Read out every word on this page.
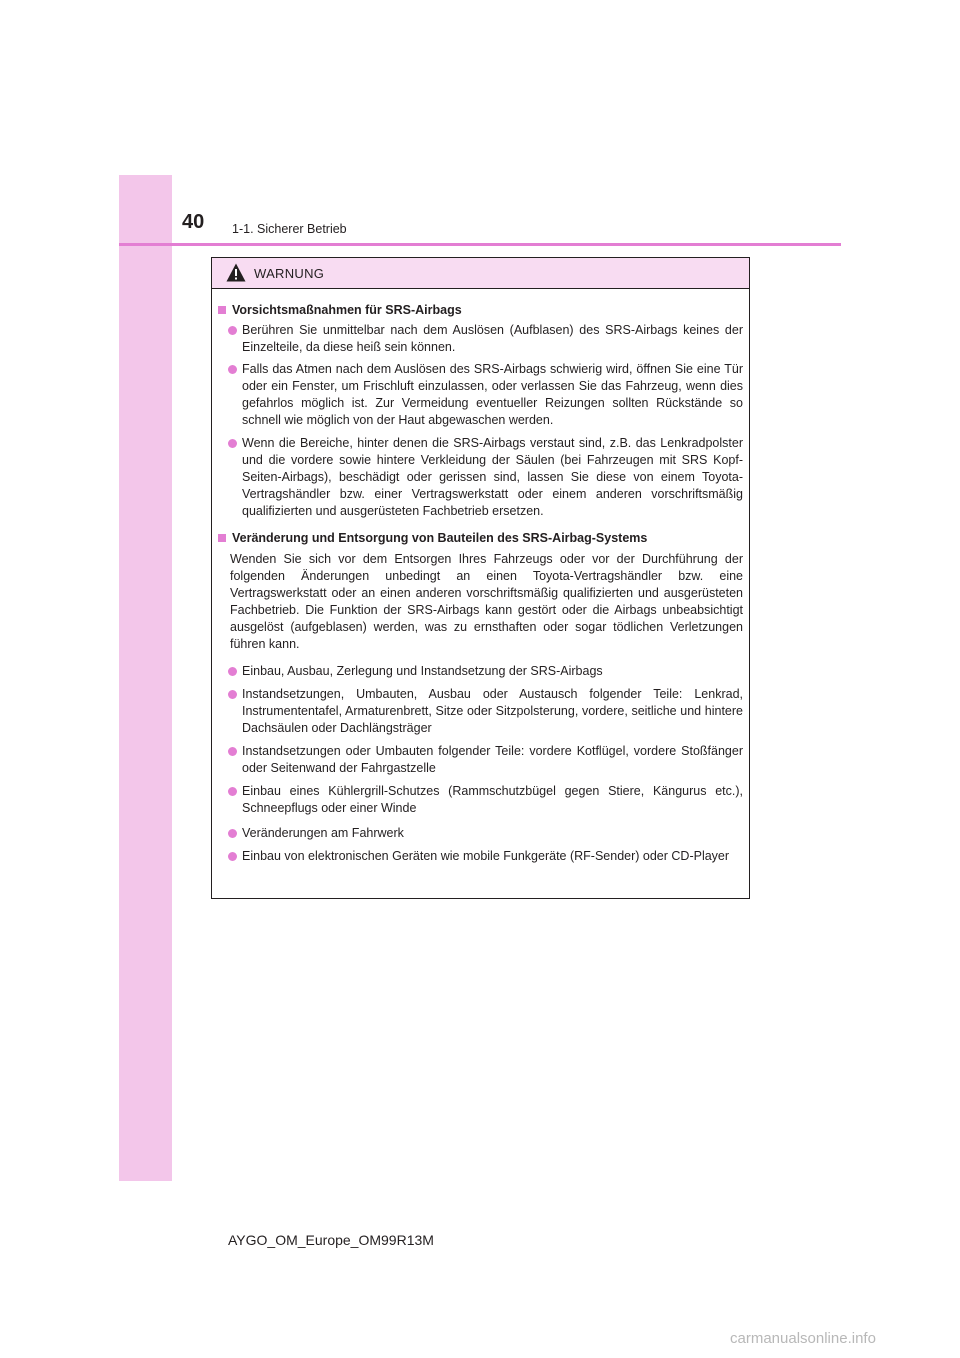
40 1-1. Sicherer Betrieb
WARNUNG
Vorsichtsmaßnahmen für SRS-Airbags
Berühren Sie unmittelbar nach dem Auslösen (Aufblasen) des SRS-Airbags keines der Einzelteile, da diese heiß sein können.
Falls das Atmen nach dem Auslösen des SRS-Airbags schwierig wird, öffnen Sie eine Tür oder ein Fenster, um Frischluft einzulassen, oder verlassen Sie das Fahrzeug, wenn dies gefahrlos möglich ist. Zur Vermeidung eventueller Reizungen sollten Rückstände so schnell wie möglich von der Haut abgewaschen werden.
Wenn die Bereiche, hinter denen die SRS-Airbags verstaut sind, z.B. das Lenkradpolster und die vordere sowie hintere Verkleidung der Säulen (bei Fahrzeugen mit SRS Kopf-Seiten-Airbags), beschädigt oder gerissen sind, lassen Sie diese von einem Toyota-Vertragshändler bzw. einer Vertragswerkstatt oder einem anderen vorschriftsmäßig qualifizierten und ausgerüsteten Fachbetrieb ersetzen.
Veränderung und Entsorgung von Bauteilen des SRS-Airbag-Systems
Wenden Sie sich vor dem Entsorgen Ihres Fahrzeugs oder vor der Durchführung der folgenden Änderungen unbedingt an einen Toyota-Vertragshändler bzw. eine Vertragswerkstatt oder an einen anderen vorschriftsmäßig qualifizierten und ausgerüsteten Fachbetrieb. Die Funktion der SRS-Airbags kann gestört oder die Airbags unbeabsichtigt ausgelöst (aufgeblasen) werden, was zu ernsthaften oder sogar tödlichen Verletzungen führen kann.
Einbau, Ausbau, Zerlegung und Instandsetzung der SRS-Airbags
Instandsetzungen, Umbauten, Ausbau oder Austausch folgender Teile: Lenkrad, Instrumententafel, Armaturenbrett, Sitze oder Sitzpolsterung, vordere, seitliche und hintere Dachsäulen oder Dachlängsträger
Instandsetzungen oder Umbauten folgender Teile: vordere Kotflügel, vordere Stoßfänger oder Seitenwand der Fahrgastzelle
Einbau eines Kühlergrill-Schutzes (Rammschutzbügel gegen Stiere, Kängurus etc.), Schneepflugs oder einer Winde
Veränderungen am Fahrwerk
Einbau von elektronischen Geräten wie mobile Funkgeräte (RF-Sender) oder CD-Player
AYGO_OM_Europe_OM99R13M
carmanualsonline.info
